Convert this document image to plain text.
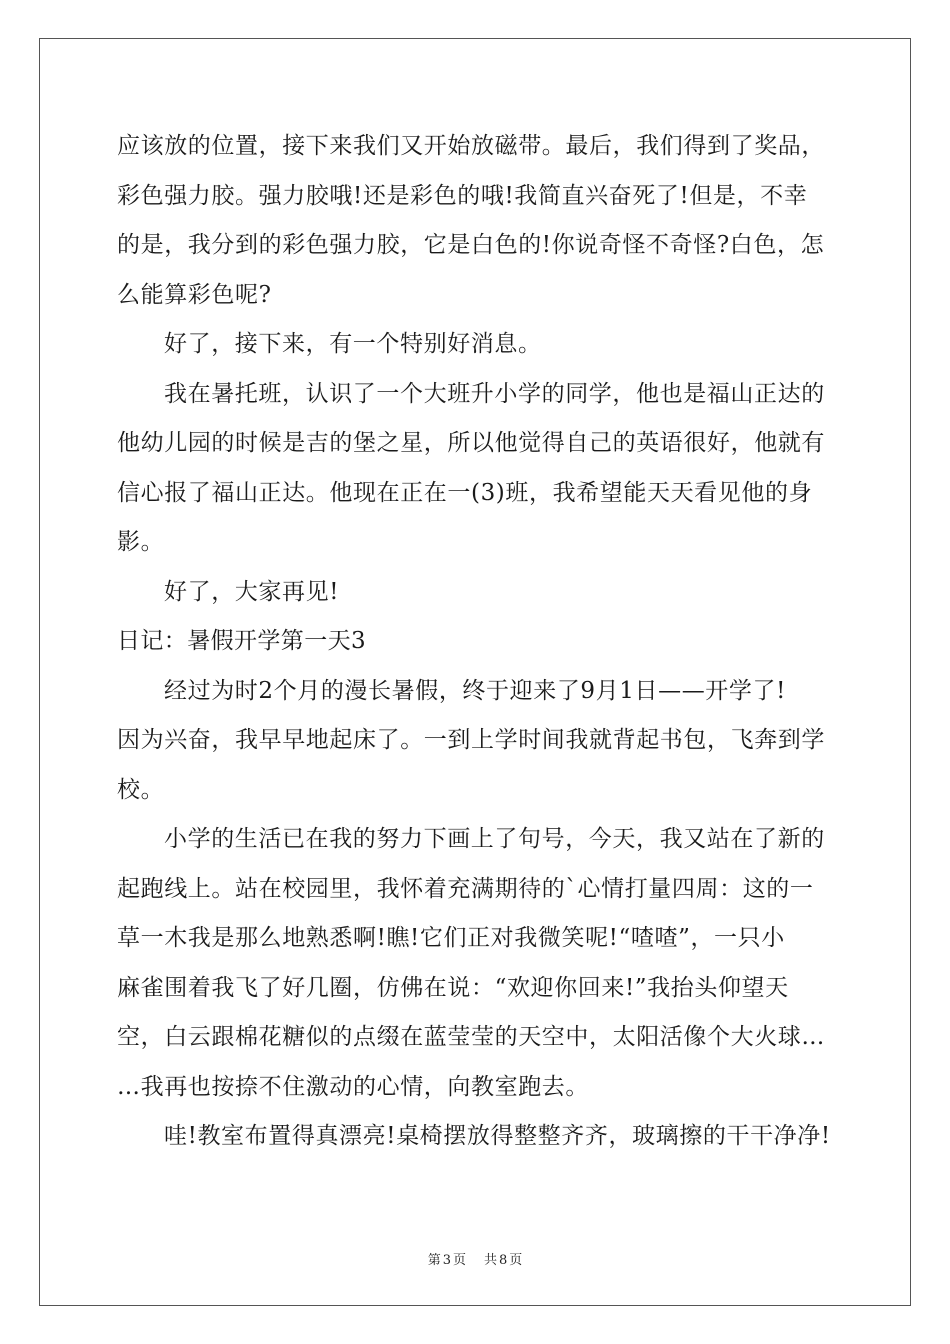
应该放的位置，接下来我们又开始放磁带。最后，我们得到了奖品，
彩色强力胶。强力胶哦!还是彩色的哦!我简直兴奋死了!但是，不幸
的是，我分到的彩色强力胶，它是白色的!你说奇怪不奇怪?白色，怎
么能算彩色呢?
好了，接下来，有一个特别好消息。
我在暑托班，认识了一个大班升小学的同学，他也是福山正达的
他幼儿园的时候是吉的堡之星，所以他觉得自己的英语很好，他就有
信心报了福山正达。他现在正在一(3)班，我希望能天天看见他的身
影。
好了，大家再见!
日记：暑假开学第一天3
经过为时2个月的漫长暑假，终于迎来了9月1日——开学了!
因为兴奋，我早早地起床了。一到上学时间我就背起书包，飞奔到学
校。
小学的生活已在我的努力下画上了句号，今天，我又站在了新的
起跑线上。站在校园里，我怀着充满期待的`心情打量四周：这的一
草一木我是那么地熟悉啊!瞧!它们正对我微笑呢!“喳喳”，一只小
麻雀围着我飞了好几圈，仿佛在说：“欢迎你回来!”我抬头仰望天
空，白云跟棉花糖似的点缀在蓝莹莹的天空中，太阳活像个大火球…
…我再也按捺不住激动的心情，向教室跑去。
哇!教室布置得真漂亮!桌椅摆放得整整齐齐，玻璃擦的干干净净!
第 3 页 共 8 页
